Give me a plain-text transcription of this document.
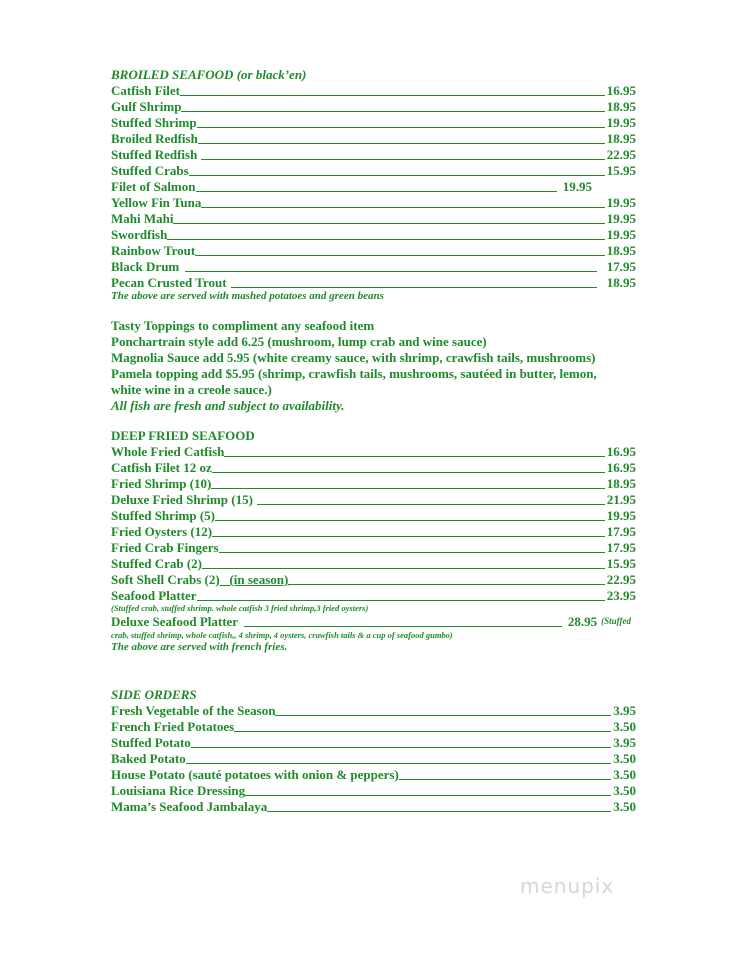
BROILED SEAFOOD (or black’en)
Catfish Filet	16.95
Gulf Shrimp	18.95
Stuffed Shrimp	19.95
Broiled Redfish	18.95
Stuffed Redfish	22.95
Stuffed Crabs	15.95
Filet of Salmon	19.95
Yellow Fin Tuna	19.95
Mahi Mahi	19.95
Swordfish	19.95
Rainbow Trout	18.95
Black Drum	17.95
Pecan Crusted Trout	18.95
The above are served with mashed potatoes and green beans
Tasty Toppings to compliment any seafood item
Ponchartrain style add 6.25 (mushroom, lump crab and wine sauce)
Magnolia Sauce add 5.95 (white creamy sauce, with shrimp, crawfish tails, mushrooms)
Pamela topping add $5.95 (shrimp, crawfish tails, mushrooms, sautéed in butter, lemon,
white wine in a creole sauce.)
All fish are fresh and subject to availability.
DEEP FRIED SEAFOOD
Whole Fried Catfish	16.95
Catfish Filet 12 oz	16.95
Fried Shrimp (10)	18.95
Deluxe Fried Shrimp (15)	21.95
Stuffed Shrimp (5)	19.95
Fried Oysters (12)	17.95
Fried Crab Fingers	17.95
Stuffed Crab (2)	15.95
Soft Shell Crabs (2) (in season)	22.95
Seafood Platter	23.95
(Stuffed crab, stuffed shrimp. whole catfish 3 fried shrimp,3 fried oysters)
Deluxe Seafood Platter	28.95 (Stuffed
crab, stuffed shrimp, whole catfish,, 4 shrimp, 4 oysters, crawfish tails & a cup of seafood gumbo)
The above are served with french fries.
SIDE ORDERS
Fresh Vegetable of the Season	3.95
French Fried Potatoes	3.50
Stuffed Potato	3.95
Baked Potato	3.50
House Potato (sauté potatoes with onion & peppers)	3.50
Louisiana Rice Dressing	3.50
Mama’s Seafood Jambalaya	3.50
menupix
